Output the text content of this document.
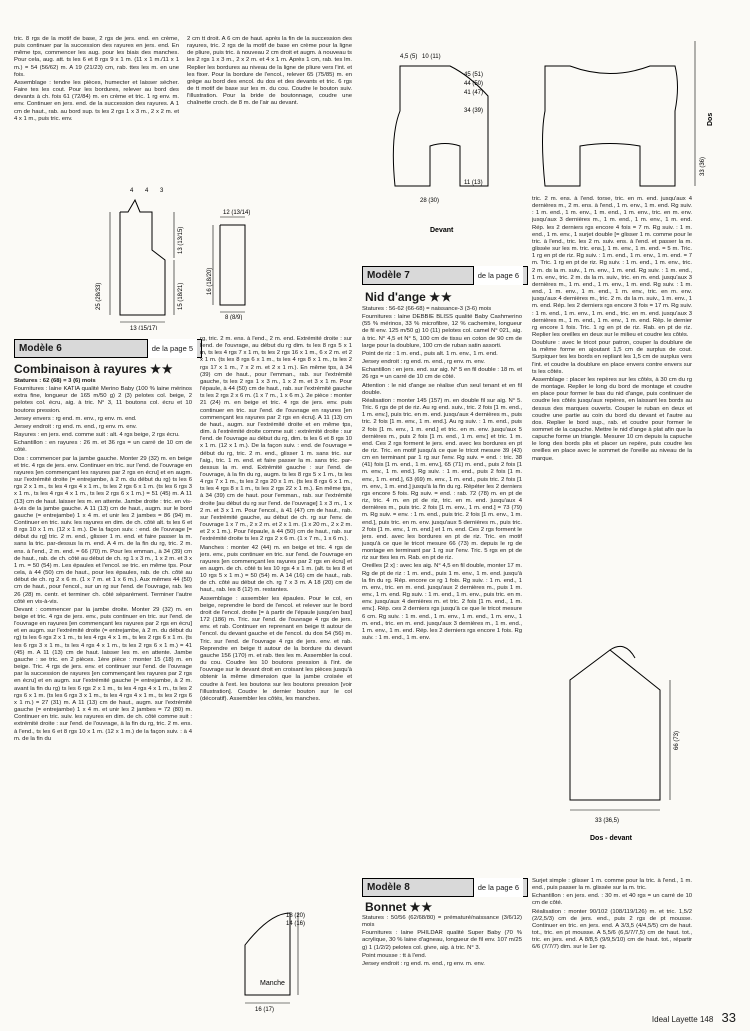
tric. 8 rgs de la motif de base, 2 rgs de jers. end. en crème, puis continuer par la succession des rayures en jers. end. En même tps, commencer les aug. pour les biais des manches. Pour cela, aug. att. ts les 6 et 8 rgs 9 x 1 m. (11 x 1 m./11 x 1 m.) = 54 (56/62) m. A 19 (21/23) cm, rab. ttes les m. en une fois.

Assemblage : tendre les pièces, humecter et laisser sécher. Faire tes les cout. Pour les bordures, relever au bord des devants à ch. fois 61 (72/84) m. en crème et tric. 1 rg env. m. env. Continuer en jers. end. de la succession des rayures. A 1 cm de haut., rab. au bord sup. ts les 2 rgs 1 x 3 m., 2 x 2 m. et 4 x 1 m., puis tric. env.

2 cm tt droit. A 6 cm de haut. après la fin de la succession des rayures, tric. 2 rgs de la motif de base en crème pour la ligne de pliure, puis tric. à nouveau 2 cm droit et augm. à nouveau ts les 2 rgs 1 x 3 m., 2 x 2 m. et 4 x 1 m. Après 1 cm, rab. tes lm. Replier les bordures au niveau de la ligne de pliure vers l'int. et les fixer. Pour la bordure de l'encol., relever 65 (75/85) m. en grège au bord des encol. du dos et des devants et tric. 6 rgs de tt motif de base sur les m. du cou. Coudre le bouton suiv. l'illustration. Pour la bride de boutonnage, coudre une chaînette croch. de 8 m. de l'air au devant.

25 (28/33)
13 (13/15)
15 (18/21)
13 (15/17)
4 4 3
12 (13/14)
16 (18/20)
8 (8/9)
Modèle 6	de la page 5
Combinaison à rayures ★★

Statures : 62 (68) = 3 (6) mois

Fournitures : laine KATIA qualité Merino Baby (100 % laine mérinos extra fine, longueur de 165 m/50 g) 2 (3) pelotes col. beige, 2 pelotes col. écru, aig. à tric. N° 3, 11 boutons col. écru et 10 boutons pression.

Jersey envers : rg end. m. env., rg env. m. end.

Jersey endroit : rg end. m. end., rg env. m. env.

Rayures : en jers. end. comme suit : alt. 4 rgs beige, 2 rgs écru.

Echantillon : en rayures : 26 m. et 36 rgs = un carré de 10 cm de côté.

Dos : commencer par la jambe gauche. Monter 29 (32) m. en beige et tric. 4 rgs de jers. env. Continuer en tric. sur l'end. de l'ouvrage en rayures [en commençant les rayures par 2 rgs en écru] et en augm. sur l'extrémité droite (= entrejambe, à 2 m. du début du rg) ts les 6 rgs 2 x 1 m., ts les 4 rgs 4 x 1 m., ts les 2 rgs 6 x 1 m. (ts les 6 rgs 3 x 1 m., ts les 4 rgs 4 x 1 m., ts les 2 rgs 6 x 1 m.) = 51 (45) m. A 11 (13) cm de haut. laisser les m. en attente. Jambe droite : tric. en vis-à-vis de la jambe gauche. A 11 (13) cm de haut., augm. sur le bord gauche (= entrejambe) 1 x 4 m. et unir les 2 jambes = 86 (94) m. Continuer en tric. suiv. les rayures en dim. de ch. côté alt. ts les 6 et 8 rgs 10 x 1 m. (12 x 1 m.). De la façon suiv. : end. de l'ouvrage [= début du rg] tric. 2 m. end., glisser 1 m. end. et faire passer la m. sans la tric. par-dessus la m. end. A 4 m. de la fin du rg, tric. 2 m. ens. à l'end., 2 m. end. = 66 (70) m. Pour les emman., à 34 (39) cm de haut., rab. de ch. côté au début de ch. rg 1 x 3 m., 1 x 2 m. et 3 x 1 m. = 50 (54) m. Les épaules et l'encol. se tric. en même tps. Pour cela, à 44 (50) cm de haut., pour les épaules, rab. de ch. côté au début de ch. rg 2 x 6 m. (1 x 7 m. et 1 x 6 m.). Aux mêmes 44 (50) cm de haut., pour l'encol., sur un rg sur l'end. de l'ouvrage, rab. les 26 (28) m. centr. et terminer ch. côté séparément. Terminer l'autre côté en vis-à-vis.

Devant : commencer par la jambe droite. Monter 29 (32) m. en beige et tric. 4 rgs de jers. env., puis continuer en tric. sur l'end. de l'ouvrage en rayures [en commençant les rayures par 2 rgs en écru] et en augm. sur l'extrémité droite (= entrejambe, à 2 m. du début du rg) ts les 6 rgs 2 x 1 m., ts les 4 rgs 4 x 1 m., ts les 2 rgs 6 x 1 m. (ts les 6 rgs 3 x 1 m., ts les 4 rgs 4 x 1 m., ts les 2 rgs 6 x 1 m.) = 41 (45) m. A 11 (13) cm de haut. laisser les m. en attente. Jambe gauche : se tric. en 2 pièces. 1ère pièce : monter 15 (18) m. en beige. Tric. 4 rgs de jers. env. et continuer sur l'end. de l'ouvrage par la succession de rayures [en commençant les rayures par 2 rgs en écru] et en augm. sur l'extrémité gauche (= entrejambe, à 2 m. avant la fin du rg) ts les 6 rgs 2 x 1 m., ts les 4 rgs 4 x 1 m., ts les 2 rgs 6 x 1 m. (ts les 6 rgs 3 x 1 m., ts les 4 rgs 4 x 1 m., ts les 2 rgs 6 x 1 m.) = 27 (31) m. A 11 (13) cm de haut., augm. sur l'extrémité gauche (= entrejambe) 1 x 4 m. et unir les 2 jambes = 72 (80) m. Continuer en tric. suiv. les rayures en dim. de ch. côté comme suit : extrémité droite : sur l'end. de l'ouvrage, à la fin du rg, tric. 2 m. ens. à l'end., ts les 6 et 8 rgs 10 x 1 m. (12 x 1 m.) de la façon suiv. : à 4 m. de la fin du

rg, tric. 2 m. ens. à l'end., 2 m. end. Extrémité droite : sur l'end. de l'ouvrage, au début du rg dim. ts les 8 rgs 5 x 1 m, ts les 4 rgs 7 x 1 m, ts les 2 rgs 16 x 1 m., 6 x 2 m. et 2 x 1 m. (ts les 8 rgs 6 x 1 m., ts les 4 rgs 8 x 1 m., ts les 2 rgs 17 x 1 m., 7 x 2 m. et 2 x 1 m.). En même tps, à 34 (39) cm de haut., pour l'emman., rab. sur l'extrémité gauche, ts les 2 rgs 1 x 3 m., 1 x 2 m. et 3 x 1 m. Pour l'épaule, à 44 (50) cm de haut., rab. sur l'extrémité gauche ts les 2 rgs 2 x 6 m. (1 x 7 m., 1 x 6 m.). 2e pièce : monter 21 (24) m. en beige et tric. 4 rgs de jers. env. puis continuer en tric. sur l'end. de l'ouvrage en rayures [en commençant les rayures par 2 rgs en écru]. A 11 (13) cm de haut., augm. sur l'extrémité droite et en même tps, dim. à l'extrémité droite comme suit : extrémité droite : sur l'end. de l'ouvrage au début du rg, dim. ts les 6 et 8 rgs 10 x 1 m. (12 x 1 m.). De la façon suiv. : end. de l'ouvrage = début du rg, tric. 2 m. end., glisser 1 m. sans tric. sur l'aig., tric. 1 m. end. et faire passer la m. sans tric. par-dessus la m. end. Extrémité gauche : sur l'end. de l'ouvrage, à la fin du rg, augm. ts les 8 rgs 5 x 1 m., ts les 4 rgs 7 x 1 m., ts les 2 rgs 20 x 1 m. (ts les 8 rgs 6 x 1 m., ts les 4 rgs 8 x 1 m., ts les 2 rgs 22 x 1 m.). En même tps, à 34 (39) cm de haut. pour l'emman., rab. sur l'extrémité droite [au début du rg sur l'end. de l'ouvrage] 1 x 3 m., 1 x 2 m. et 3 x 1 m. Pour l'encol., à 41 (47) cm de haut., rab. sur l'extrémité gauche, au début de ch. rg sur l'env. de l'ouvrage 1 x 7 m., 2 x 2 m. et 2 x 1 m. (1 x 20 m., 2 x 2 m. et 2 x 1 m.). Pour l'épaule, à 44 (50) cm de haut., rab. sur l'extrémité droite ts les 2 rgs 2 x 6 m. (1 x 7 m., 1 x 6 m.).

Manches : monter 42 (44) m. en beige et tric. 4 rgs de jers. env., puis continuer en tric. sur l'end. de l'ouvrage en rayures [en commençant les rayures par 2 rgs en écru] et en augm. de ch. côté ts les 10 rgs 4 x 1 m. (alt. ts les 8 et 10 rgs 5 x 1 m.) = 50 (54) m. A 14 (16) cm de haut., rab. de ch. côté au début de ch. rg 7 x 3 m. A 18 (20) cm de haut., rab. les 8 (12) m. restantes.

Assemblage : assembler les épaules. Pour le col, en beige, reprendre le bord de l'encol. et relever sur le bord droit de l'encol. droite [= à partir de l'épaule jusqu'en bas] 172 (186) m. Tric. sur l'end. de l'ouvrage 4 rgs de jers. env. et rab. Continuer en reprenant en beige tt autour de l'encol. du devant gauche et de l'encol. du dos 54 (56) m. Tric. sur l'end. de l'ouvrage 4 rgs de jers. env. et rab. Reprendre en beige tt autour de la bordure du devant gauche 156 (170) m. et rab. ttes les m. Assembler la coul. du cou. Coudre les 10 boutons pression à l'int. de l'ouvrage sur le devant droit en croisant les pièces jusqu'à obtenir la même dimension que la jambe croisée et coudre à l'ext. les boutons sur les boutons pression [voir l'illustration]. Coudre le dernier bouton sur le col (décoratif). Assembler les côtés, les manches.

18 (20)
14 (16)
16 (17)
Manche
4,5 (5) 10 (11)
45 (51)
44 (50)
41 (47)
34 (39)
11 (13)
28 (30)
Devant
33 (36)
Dos
Modèle 7	de la page 6
Nid d'ange ★★

Statures : 56-62 (66-68) = naissance-3 (3-6) mois

Fournitures : laine DEBBIE BLISS qualité Baby Cashmerino (55 % mérinos, 33 % microfibre, 12 % cachemire, longueur de fil env. 125 m/50 g) 10 (11) pelotes col. camel N° 021, aig. à tric. N° 4,5 et N° 5, 100 cm de tissu en coton de 90 cm de large pour la doublure, 100 cm de ruban satin assorti.

Point de riz : 1 m. end., puis alt. 1 m. env., 1 m. end.

Jersey endroit : rg end. m. end., rg env. m. env.

Echantillon : en jers. end. sur aig. N° 5 en fil double : 18 m. et 26 rgs = un carré de 10 cm de côté.

Attention : le nid d'ange se réalise d'un seul tenant et en fil double.

Réalisation : monter 145 (157) m. en double fil sur aig. N° 5. Tric. 6 rgs de pt de riz. Au rg end. suiv., tric. 2 fois [1 m. end., 1 m. env.], puis tric. en m. end. jusqu'aux 4 dernières m., puis tric. 2 fois [1 m. env., 1 m. end.]. Au rg suiv. : 1 m. end., puis 2 fois [1 m. env., 1 m. end.] et tric. en m. env. jusqu'aux 5 dernières m., puis 2 fois [1 m. end., 1 m. env.] et tric. 1 m. end. Ces 2 rgs forment le jers. end. avec les bordures en pt de riz. Tric. en motif jusqu'à ce que le tricot mesure 39 (43) cm en terminant par 1 rg sur l'env. Rg suiv. = end. : tric. 38 (41) fois [1 m. end., 1 m. env.], 65 (71) m. end., puis 2 fois [1 m. env., 1 m. end.]. Rg suiv. : 1 m. end., puis 2 fois [1 m. env., 1 m. end.], 63 (69) m. env., 1 m. end., puis tric. 2 fois [1 m. env., 1 m. end.] jusqu'à la fin du rg. Répéter les 2 derniers rgs encore 5 fois. Rg suiv. = end. : rab. 72 (78) m. en pt de riz, tric. 4 m. en pt de riz, tric. en m. end. jusqu'aux 4 dernières m., puis tric. 2 fois [1 m. env., 1 m. end.] = 73 (79) m. Rg suiv. = env. : 1 m. end., puis tric. 2 fois [1 m. env., 1 m. end.], puis tric. en m. env. jusqu'aux 5 dernières m., puis tric. 2 fois [1 m. env., 1 m. end.] et 1 m. end. Ces 2 rgs forment le jers. end. avec les bordures en pt de riz. Tric. en motif jusqu'à ce que le tricot mesure 66 (73) m. depuis le rg de montage en terminant par 1 rg sur l'env. Tric. 5 rgs en pt de riz sur ttes les m. Rab. en pt de riz.

Oreilles [2 x] : avec les aig. N° 4,5 en fil double, monter 17 m. Rg de pt de riz : 1 m. end., puis 1 m. env., 1 m. end. jusqu'à la fin du rg. Rép. encore ce rg 1 fois. Rg suiv. : 1 m. end., 1 m. env., tric. en m. end. jusqu'aux 2 dernières m., puis 1 m. env., 1 m. end. Rg suiv. : 1 m. end., 1 m. env., puis tric. en m. env. jusqu'aux 4 dernières m. et tric. 2 fois [1 m. end., 1 m. env.]. Rép. ces 2 derniers rgs jusqu'à ce que le tricot mesure 6 cm. Rg suiv. : 1 m. end., 1 m. env., 1 m. end., 1 m. env., 1 m. end., tric. en m. end. jusqu'aux 3 dernières m., 1 m. end., 1 m. env., 1 m. end. Rép. les 2 derniers rgs encore 1 fois. Rg suiv. : 1 m. end., 1 m. env.

tric. 2 m. ens. à l'end. torse, tric. en m. end. jusqu'aux 4 dernières m., 2 m. ens. à l'end., 1 m. env., 1 m. end. Rg suiv. : 1 m. end., 1 m. env., 1 m. end., 1 m. env., tric. en m. env. jusqu'aux 3 dernières m., 1 m. end., 1 m. env., 1 m. end. Rép. les 2 derniers rgs encore 4 fois = 7 m. Rg suiv. : 1 m. end., 1 m. env., 1 surjet double [= glisser 1 m. comme pour le tric. à l'end., tric. les 2 m. suiv. ens. à l'end. et passer la m. glissée sur les m. tric. ens.], 1 m. env., 1 m. end. = 5 m. Tric. 1 rg en pt de riz. Rg suiv. : 1 m. end., 1 m. env., 1 m. end. = 7 m. Tric. 1 rg en pt de riz. Rg suiv. : 1 m. end., 1 m. env., tric. 2 m. ds la m. suiv., 1 m. env., 1 m. end. Rg suiv. : 1 m. end., 1 m. env., tric. 2 m. ds la m. suiv., tric. en m. end. jusqu'aux 3 dernières m., 1 m. end., 1 m. env., 1 m. end. Rg suiv. : 1 m. end., 1 m. env., 1 m. end., 1 m. env., tric. en m. env. jusqu'aux 4 dernières m., tric. 2 m. ds la m. suiv., 1 m. env., 1 m. end. Rép. les 2 derniers rgs encore 3 fois = 17 m. Rg suiv. : 1 m. end., 1 m. env., 1 m. end., tric. en m. end. jusqu'aux 3 dernières m., 1 m. end., 1 m. env., 1 m. end. Rép. le dernier rg encore 1 fois. Tric. 1 rg en pt de riz. Rab. en pt de riz. Replier les oreilles en deux sur le milieu et coudre les côtés.

Doublure : avec le tricot pour patron, couper la doublure de la même forme en ajoutant 1,5 cm de surplus de cout. Surpiquer tes les bords en repliant les 1,5 cm de surplus vers l'int. et coudre la doublure en place envers contre envers sur ts les côtés.

Assemblage : placer les repères sur les côtés, à 30 cm du rg de montage. Replier le long du bord de montage et coudre en place pour former le bas du nid d'ange, puis continuer de coudre les côtés jusqu'aux repères, en laissant les bords au dessus des marques ouverts. Couper le ruban en deux et coudre une partie au coin du bord du devant et l'autre au dos. Replier le bord sup., rab. et coudre pour former le sommet de la capuche. Mettre le nid d'ange à plat afin que la capuche forme un triangle. Mesurer 10 cm depuis la capuche le long des bords plis et placer un repère, puis coudre les oreilles en place avec le sommet de l'oreille au niveau de la marque.

66 (73)
33 (36,5)
Dos - devant
Modèle 8	de la page 6
Bonnet ★★

Statures : 50/56 (62/68/80) = prématuré/naissance (3/6/12) mois

Fournitures : laine PHILDAR qualité Super Baby (70 % acrylique, 30 % laine d'agneau, longueur de fil env. 107 m/25 g) 1 (1/2/2) pelotes col. givre, aig. à tric. N° 3.

Point mousse : tt à l'end.

Jersey endroit : rg end. m. end., rg env. m. env.

Surjet simple : glisser 1 m. comme pour la tric. à l'end., 1 m. end., puis passer la m. glissée sur la m. tric.

Echantillon : en jers. end. : 30 m. et 40 rgs = un carré de 10 cm de côté.

Réalisation : monter 90/102 (108/119/126) m. et tric. 1,5/2 (2/2,5/3) cm de jers. end., puis 2 rgs de pt mousse. Continuer en tric. en jers. end. A 3/3,5 (4/4,5/5) cm de haut. tot., tric. en pt mousse. A 5,5/6 (6,5/7/7,5) cm de haut. tot., tric. en jers. end. A 8/8,5 (9/9,5/10) cm de haut. tot., répartir 6/6 (7/7/7) dim. sur le 1er rg.

Ideal Layette 148 33
